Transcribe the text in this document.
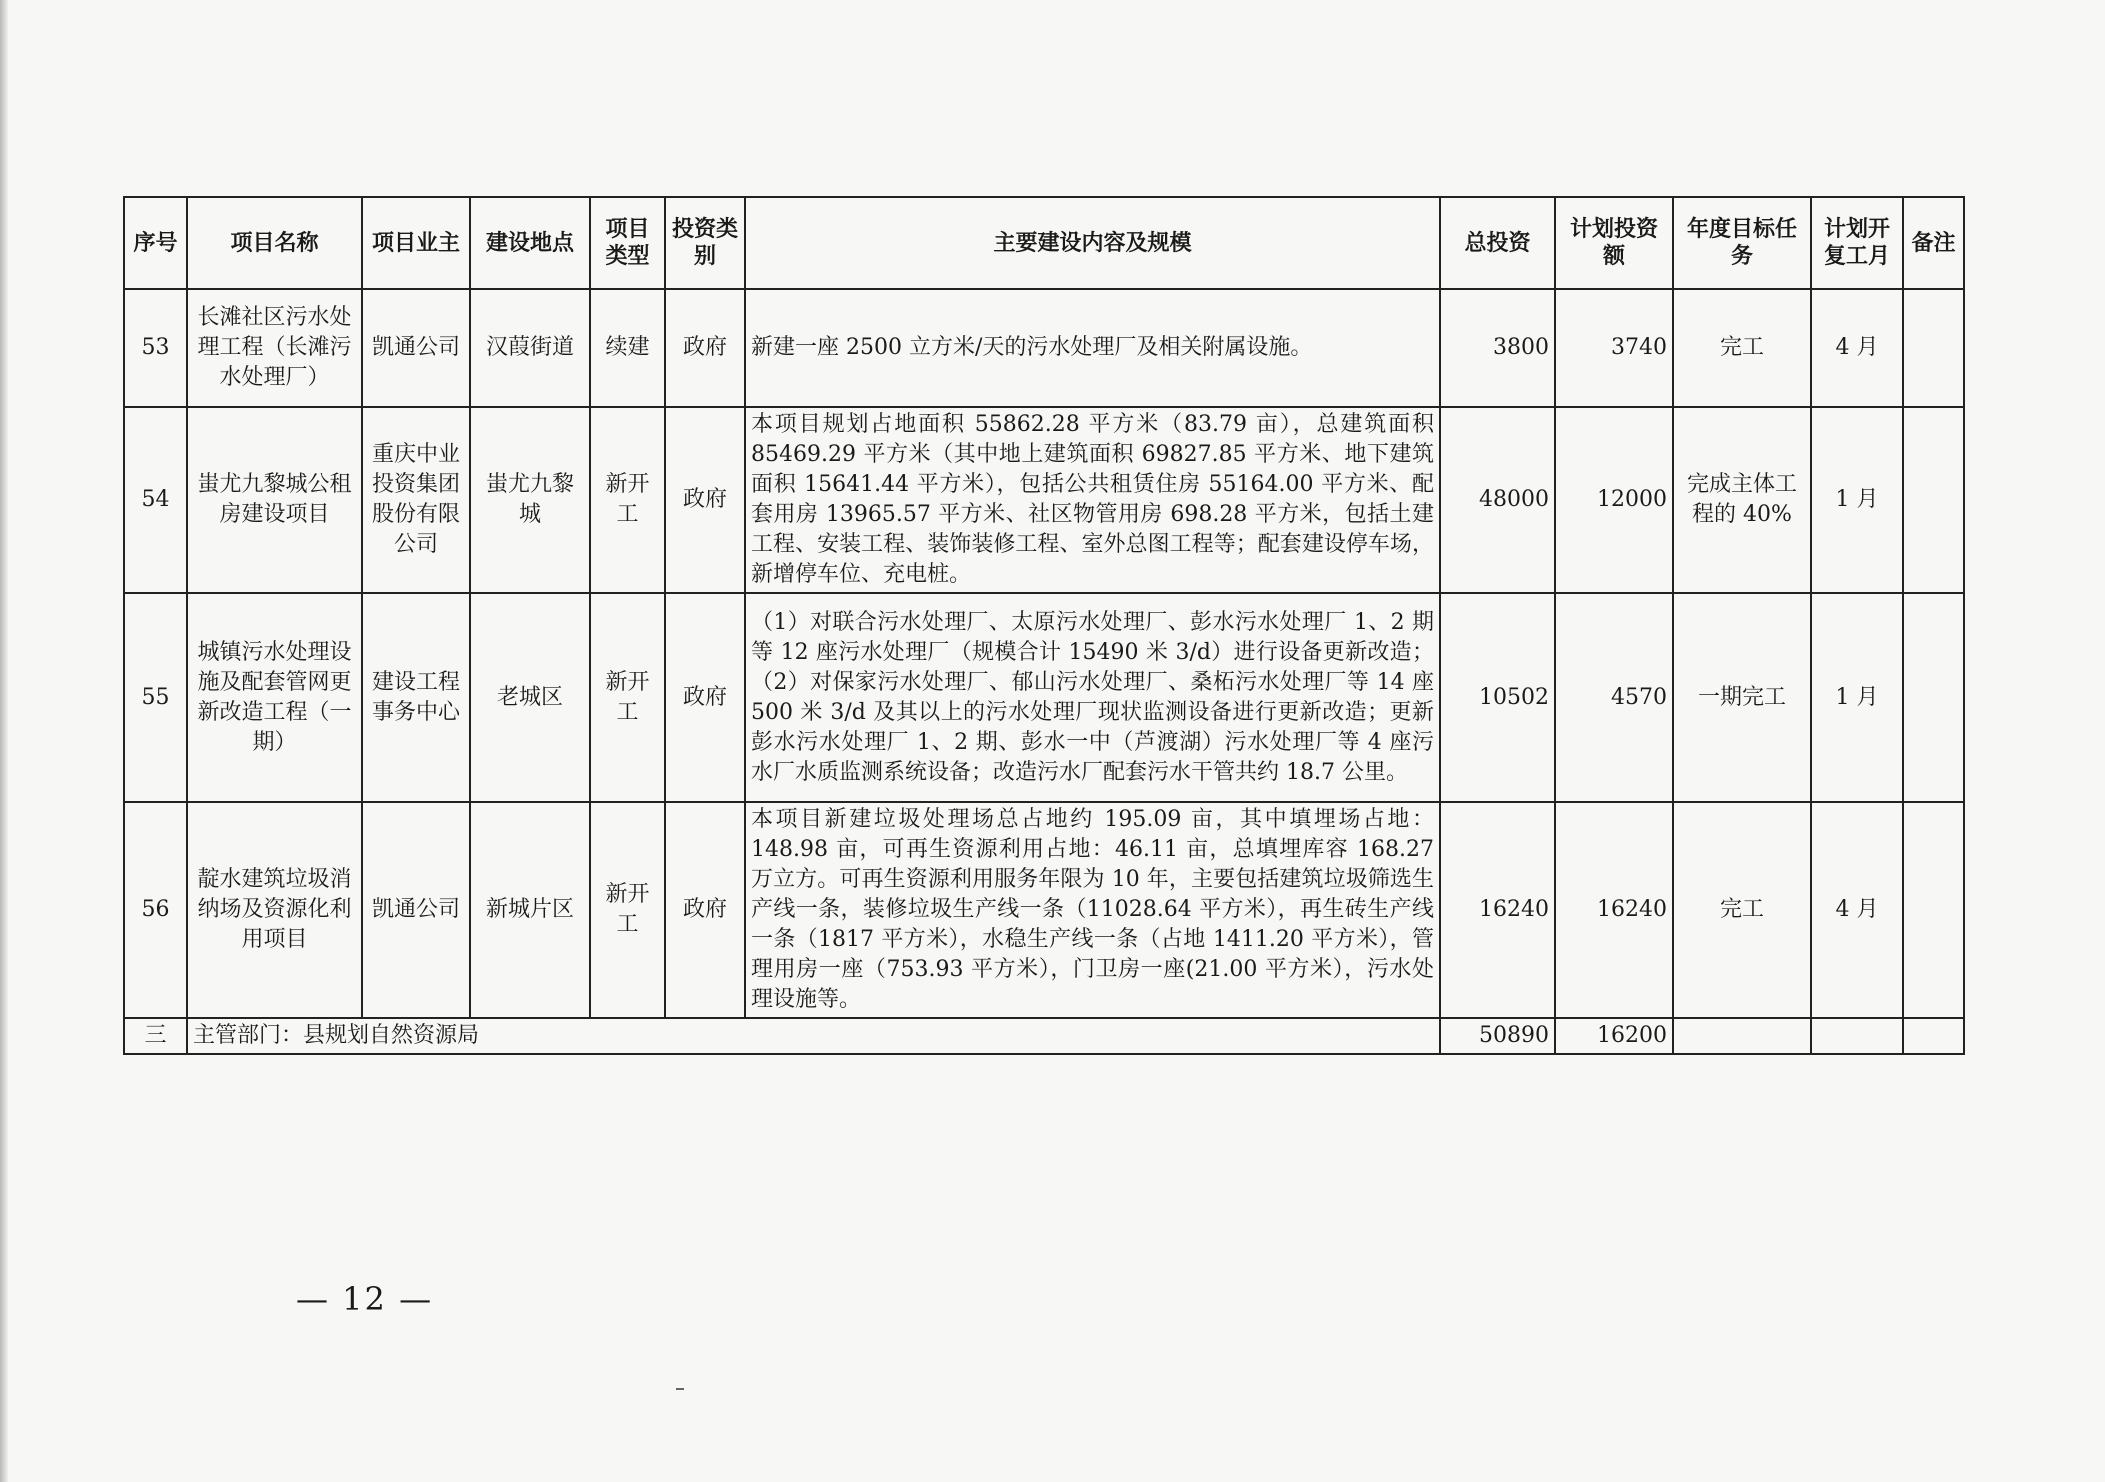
序号	项目名称	项目业主	建设地点	项目类型	投资类别	主要建设内容及规模	总投资	计划投资额	年度目标任务	计划开复工月	备注
53	长滩社区污水处理工程（长滩污水处理厂）	凯通公司	汉葭街道	续建	政府	新建一座 2500 立方米/天的污水处理厂及相关附属设施。	3800	3740	完工	4 月	
54	蚩尤九黎城公租房建设项目	重庆中业投资集团股份有限公司	蚩尤九黎城	新开工	政府	本项目规划占地面积 55862.28 平方米（83.79 亩），总建筑面积 85469.29 平方米（其中地上建筑面积 69827.85 平方米、地下建筑面积 15641.44 平方米），包括公共租赁住房 55164.00 平方米、配套用房 13965.57 平方米、社区物管用房 698.28 平方米，包括土建工程、安装工程、装饰装修工程、室外总图工程等；配套建设停车场，新增停车位、充电桩。	48000	12000	完成主体工程的 40%	1 月	
55	城镇污水处理设施及配套管网更新改造工程（一期）	建设工程事务中心	老城区	新开工	政府	（1）对联合污水处理厂、太原污水处理厂、彭水污水处理厂 1、2 期等 12 座污水处理厂（规模合计 15490 米 3/d）进行设备更新改造；（2）对保家污水处理厂、郁山污水处理厂、桑柘污水处理厂等 14 座 500 米 3/d 及其以上的污水处理厂现状监测设备进行更新改造；更新彭水污水处理厂 1、2 期、彭水一中（芦渡湖）污水处理厂等 4 座污水厂水质监测系统设备；改造污水厂配套污水干管共约 18.7 公里。	10502	4570	一期完工	1 月	
56	靛水建筑垃圾消纳场及资源化利用项目	凯通公司	新城片区	新开工	政府	本项目新建垃圾处理场总占地约 195.09 亩，其中填埋场占地：148.98 亩，可再生资源利用占地：46.11 亩，总填埋库容 168.27 万立方。可再生资源利用服务年限为 10 年，主要包括建筑垃圾筛选生产线一条，装修垃圾生产线一条（11028.64 平方米），再生砖生产线一条（1817 平方米），水稳生产线一条（占地 1411.20 平方米），管理用房一座（753.93 平方米），门卫房一座(21.00 平方米），污水处理设施等。	16240	16240	完工	4 月	
三	主管部门：县规划自然资源局						50890	16200			
— 12 —
